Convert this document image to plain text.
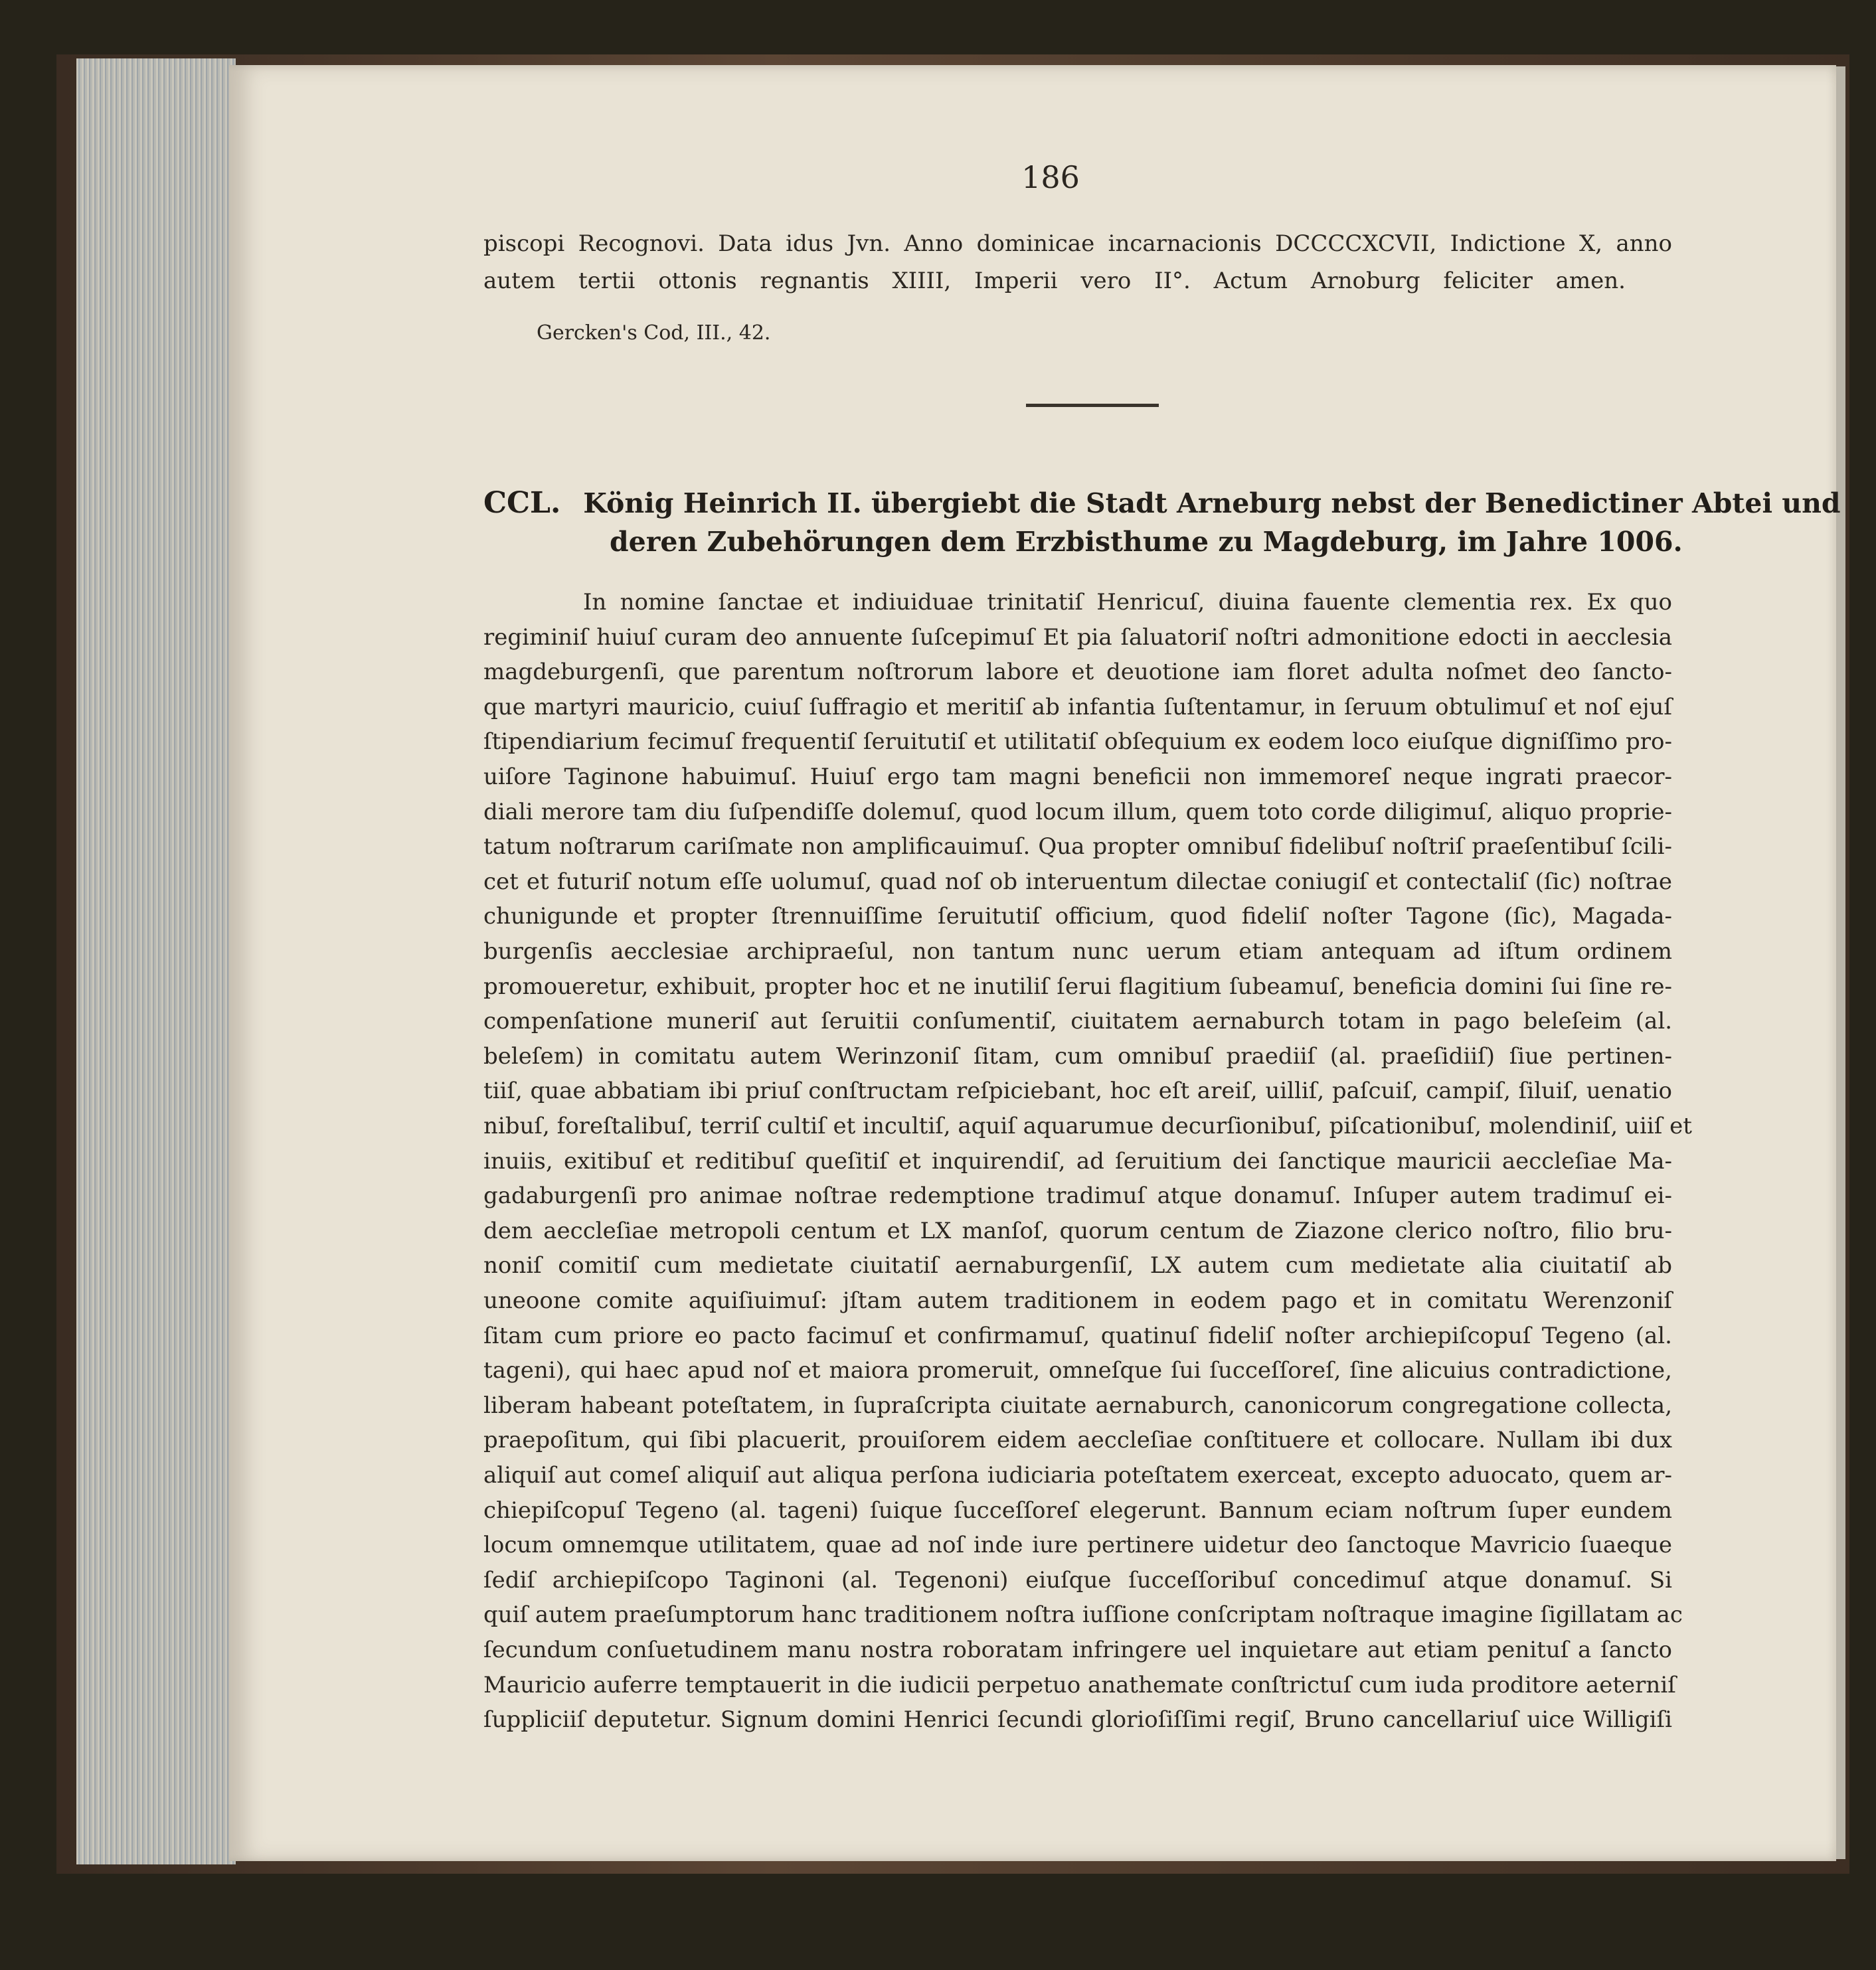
186
piscopi Recognovi. Data idus Jvn. Anno dominicae incarnacionis DCCCCXCVII, Indictione X, anno
autem tertii ottonis regnantis XIIII, Imperii vero II°. Actum Arnoburg feliciter amen.
Gercken's Cod, III., 42.
CCL. König Heinrich II. übergiebt die Stadt Arneburg nebst der Benedictiner Abtei und
deren Zubehörungen dem Erzbisthume zu Magdeburg, im Jahre 1006.
In nomine ſanctae et indiuiduae trinitatiſ Henricuſ, diuina fauente clementia rex. Ex quo
regiminiſ huiuſ curam deo annuente ſuſcepimuſ Et pia ſaluatoriſ noſtri admonitione edocti in aecclesia
magdeburgenſi, que parentum noſtrorum labore et deuotione iam floret adulta noſmet deo ſancto-
que martyri mauricio, cuiuſ ſuffragio et meritiſ ab infantia ſuſtentamur, in ſeruum obtulimuſ et noſ ejuſ
ſtipendiarium fecimuſ frequentiſ ſeruitutiſ et utilitatiſ obſequium ex eodem loco eiuſque digniſſimo pro-
uiſore Taginone habuimuſ. Huiuſ ergo tam magni beneficii non immemoreſ neque ingrati praecor-
diali merore tam diu ſuſpendiſſe dolemuſ, quod locum illum, quem toto corde diligimuſ, aliquo proprie-
tatum noſtrarum cariſmate non amplificauimuſ. Qua propter omnibuſ fidelibuſ noſtriſ praeſentibuſ ſcili-
cet et futuriſ notum eſſe uolumuſ, quad noſ ob interuentum dilectae coniugiſ et contectaliſ (ſic) noſtrae
chunigunde et propter ſtrennuiſſime ſeruitutiſ officium, quod fideliſ noſter Tagone (ſic), Magada-
burgenſis aecclesiae archipraeſul, non tantum nunc uerum etiam antequam ad iſtum ordinem
promoueretur, exhibuit, propter hoc et ne inutiliſ ſerui flagitium ſubeamuſ, beneficia domini ſui ſine re-
compenſatione muneriſ aut ſeruitii conſumentiſ, ciuitatem aernaburch totam in pago beleſeim (al.
beleſem) in comitatu autem Werinzoniſ ſitam, cum omnibuſ praediiſ (al. praeſidiiſ) ſiue pertinen-
tiiſ, quae abbatiam ibi priuſ conſtructam reſpiciebant, hoc eſt areiſ, uilliſ, paſcuiſ, campiſ, ſiluiſ, uenatio
nibuſ, foreſtalibuſ, terriſ cultiſ et incultiſ, aquiſ aquarumue decurſionibuſ, piſcationibuſ, molendiniſ, uiiſ et
inuiis, exitibuſ et reditibuſ queſitiſ et inquirendiſ, ad ſeruitium dei ſanctique mauricii aeccleſiae Ma-
gadaburgenſi pro animae noſtrae redemptione tradimuſ atque donamuſ. Inſuper autem tradimuſ ei-
dem aeccleſiae metropoli centum et LX manſoſ, quorum centum de Ziazone clerico noſtro, filio bru-
noniſ comitiſ cum medietate ciuitatiſ aernaburgenſiſ, LX autem cum medietate alia ciuitatiſ ab
uneoone comite aquiſiuimuſ: jſtam autem traditionem in eodem pago et in comitatu Werenzoniſ
ſitam cum priore eo pacto facimuſ et confirmamuſ, quatinuſ fideliſ noſter archiepiſcopuſ Tegeno (al.
tageni), qui haec apud noſ et maiora promeruit, omneſque ſui ſucceſſoreſ, ſine alicuius contradictione,
liberam habeant poteſtatem, in ſupraſcripta ciuitate aernaburch, canonicorum congregatione collecta,
praepoſitum, qui ſibi placuerit, prouiſorem eidem aeccleſiae conſtituere et collocare. Nullam ibi dux
aliquiſ aut comeſ aliquiſ aut aliqua perſona iudiciaria poteſtatem exerceat, excepto aduocato, quem ar-
chiepiſcopuſ Tegeno (al. tageni) ſuique ſucceſſoreſ elegerunt. Bannum eciam noſtrum ſuper eundem
locum omnemque utilitatem, quae ad noſ inde iure pertinere uidetur deo ſanctoque Mavricio ſuaeque
ſediſ archiepiſcopo Taginoni (al. Tegenoni) eiuſque ſucceſſoribuſ concedimuſ atque donamuſ. Si
quiſ autem praeſumptorum hanc traditionem noſtra iuſſione conſcriptam noſtraque imagine ſigillatam ac
ſecundum conſuetudinem manu nostra roboratam infringere uel inquietare aut etiam penituſ a ſancto
Mauricio auferre temptauerit in die iudicii perpetuo anathemate conſtrictuſ cum iuda proditore aeterniſ
ſuppliciiſ deputetur. Signum domini Henrici ſecundi glorioſiſſimi regiſ, Bruno cancellariuſ uice Willigiſi
